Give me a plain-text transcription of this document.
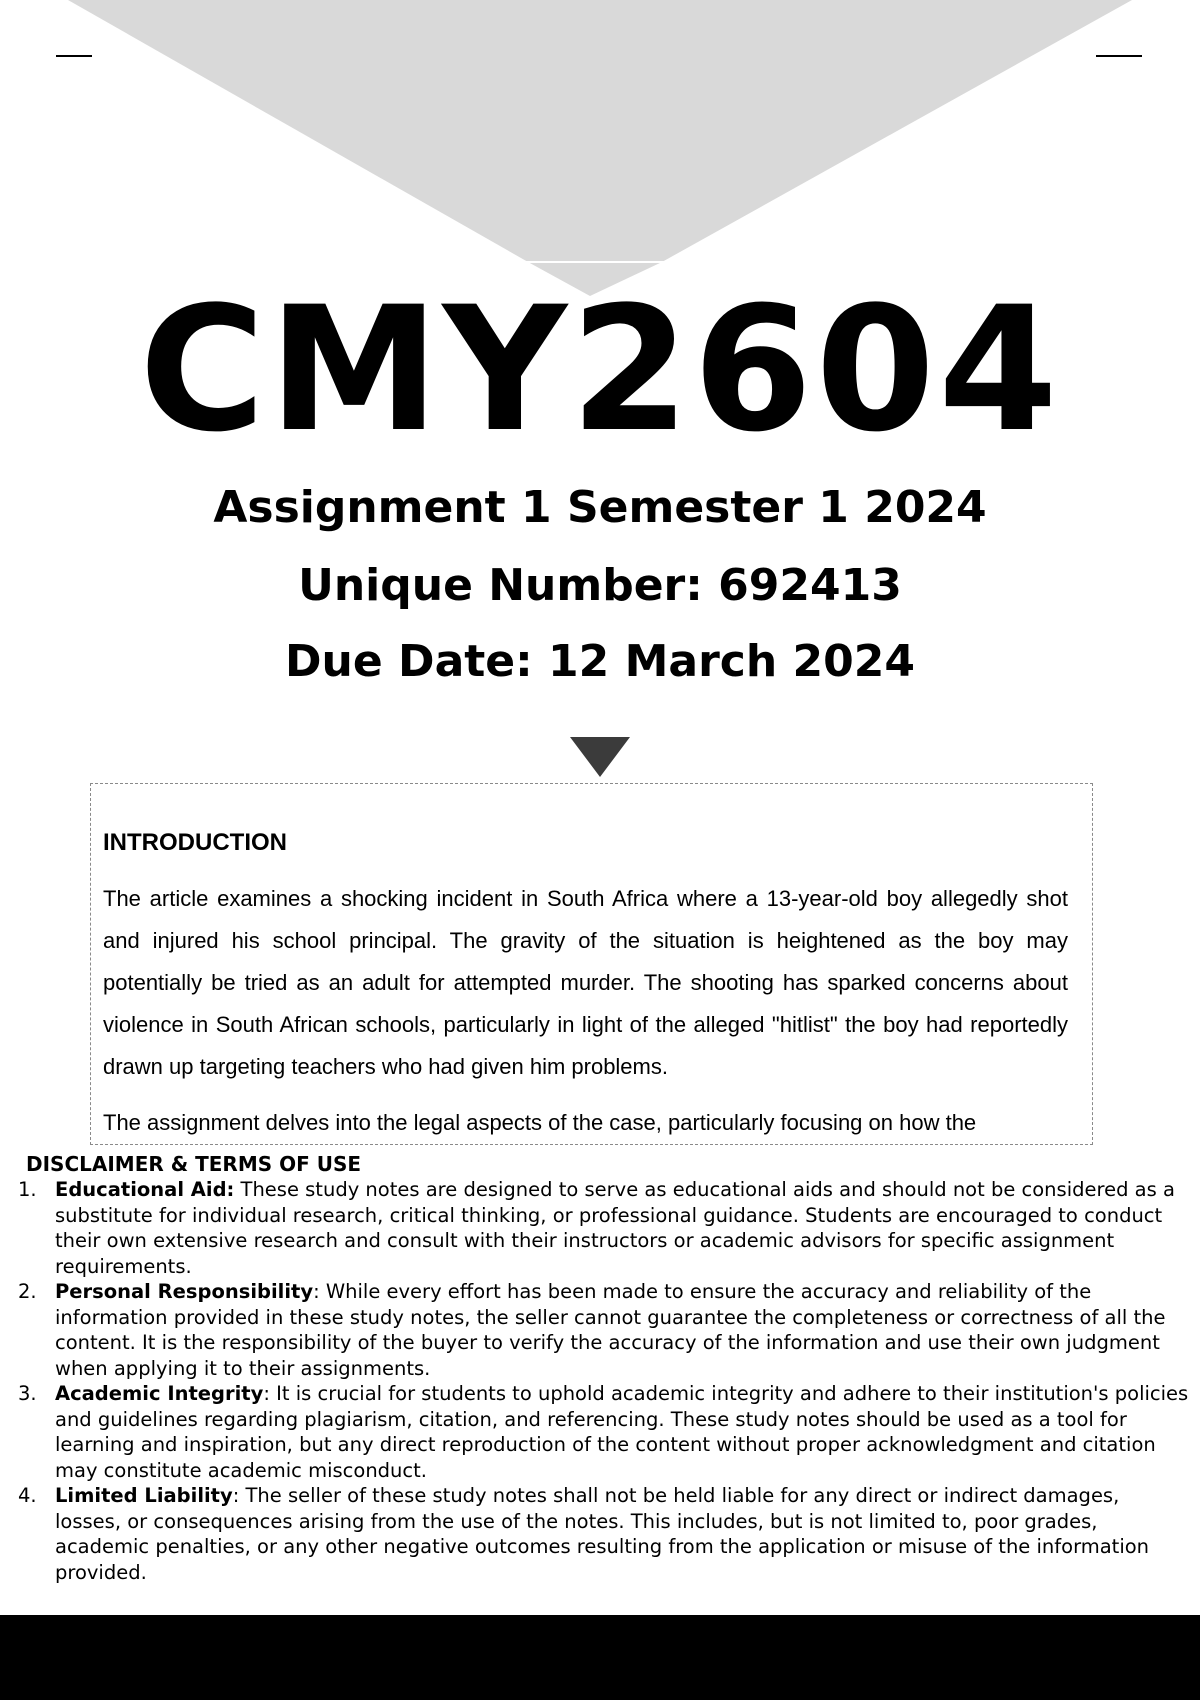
CMY2604
Assignment 1 Semester 1 2024
Unique Number: 692413
Due Date: 12 March 2024
INTRODUCTION

The article examines a shocking incident in South Africa where a 13-year-old boy allegedly shot and injured his school principal. The gravity of the situation is heightened as the boy may potentially be tried as an adult for attempted murder. The shooting has sparked concerns about violence in South African schools, particularly in light of the alleged "hitlist" the boy had reportedly drawn up targeting teachers who had given him problems.

The assignment delves into the legal aspects of the case, particularly focusing on how the

DISCLAIMER & TERMS OF USE
1. Educational Aid: These study notes are designed to serve as educational aids and should not be considered as a substitute for individual research, critical thinking, or professional guidance. Students are encouraged to conduct their own extensive research and consult with their instructors or academic advisors for specific assignment requirements.
2. Personal Responsibility: While every effort has been made to ensure the accuracy and reliability of the information provided in these study notes, the seller cannot guarantee the completeness or correctness of all the content. It is the responsibility of the buyer to verify the accuracy of the information and use their own judgment when applying it to their assignments.
3. Academic Integrity: It is crucial for students to uphold academic integrity and adhere to their institution's policies and guidelines regarding plagiarism, citation, and referencing. These study notes should be used as a tool for learning and inspiration, but any direct reproduction of the content without proper acknowledgment and citation may constitute academic misconduct.
4. Limited Liability: The seller of these study notes shall not be held liable for any direct or indirect damages, losses, or consequences arising from the use of the notes. This includes, but is not limited to, poor grades, academic penalties, or any other negative outcomes resulting from the application or misuse of the information provided.
